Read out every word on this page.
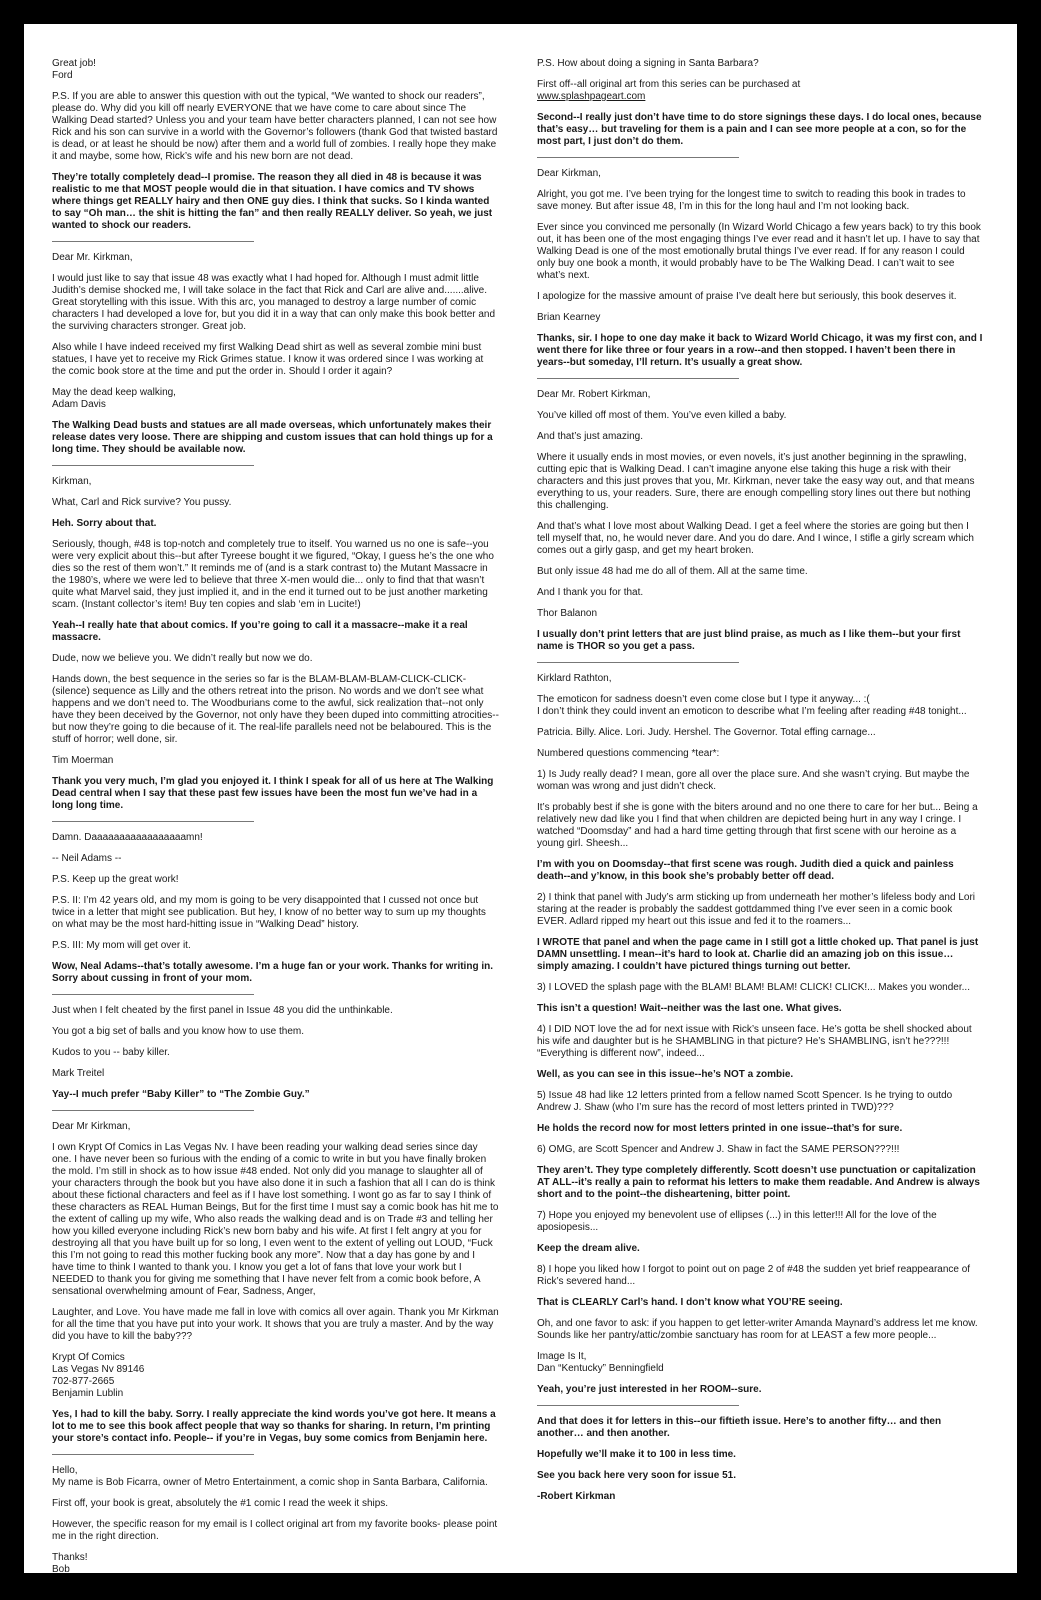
Great job!
Ford

P.S. If you are able to answer this question with out the typical, “We wanted to shock our readers”, please do. Why did you kill off nearly EVERYONE that we have come to care about since The Walking Dead started? Unless you and your team have better characters planned, I can not see how Rick and his son can survive in a world with the Governor’s followers (thank God that twisted bastard is dead, or at least he should be now) after them and a world full of zombies. I really hope they make it and maybe, some how, Rick’s wife and his new born are not dead.

They’re totally completely dead--I promise. The reason they all died in 48 is because it was realistic to me that MOST people would die in that situation. I have comics and TV shows where things get REALLY hairy and then ONE guy dies. I think that sucks. So I kinda wanted to say “Oh man… the shit is hitting the fan” and then really REALLY deliver. So yeah, we just wanted to shock our readers.

Dear Mr. Kirkman,

I would just like to say that issue 48 was exactly what I had hoped for. Although I must admit little Judith’s demise shocked me, I will take solace in the fact that Rick and Carl are alive and.......alive. Great storytelling with this issue. With this arc, you managed to destroy a large number of comic characters I had developed a love for, but you did it in a way that can only make this book better and the surviving characters stronger. Great job.

Also while I have indeed received my first Walking Dead shirt as well as several zombie mini bust statues, I have yet to receive my Rick Grimes statue. I know it was ordered since I was working at the comic book store at the time and put the order in. Should I order it again?

May the dead keep walking,
Adam Davis

The Walking Dead busts and statues are all made overseas, which unfortunately makes their release dates very loose. There are shipping and custom issues that can hold things up for a long time. They should be available now.

Kirkman,

What, Carl and Rick survive? You pussy.

Heh. Sorry about that.

Seriously, though, #48 is top-notch and completely true to itself. You warned us no one is safe--you were very explicit about this--but after Tyreese bought it we figured, “Okay, I guess he’s the one who dies so the rest of them won’t.” It reminds me of (and is a stark contrast to) the Mutant Massacre in the 1980’s, where we were led to believe that three X-men would die... only to find that that wasn’t quite what Marvel said, they just implied it, and in the end it turned out to be just another marketing scam. (Instant collector’s item! Buy ten copies and slab ‘em in Lucite!)

Yeah--I really hate that about comics. If you’re going to call it a massacre--make it a real massacre.

Dude, now we believe you. We didn’t really but now we do.

Hands down, the best sequence in the series so far is the BLAM-BLAM-BLAM-CLICK-CLICK-(silence) sequence as Lilly and the others retreat into the prison. No words and we don’t see what happens and we don’t need to. The Woodburians come to the awful, sick realization that--not only have they been deceived by the Governor, not only have they been duped into committing atrocities--but now they’re going to die because of it. The real-life parallels need not be belaboured. This is the stuff of horror; well done, sir.

Tim Moerman

Thank you very much, I’m glad you enjoyed it. I think I speak for all of us here at The Walking Dead central when I say that these past few issues have been the most fun we’ve had in a long long time.

Damn. Daaaaaaaaaaaaaaaaamn!

-- Neil Adams --

P.S. Keep up the great work!

P.S. II: I’m 42 years old, and my mom is going to be very disappointed that I cussed not once but twice in a letter that might see publication. But hey, I know of no better way to sum up my thoughts on what may be the most hard-hitting issue in “Walking Dead” history.

P.S. III: My mom will get over it.

Wow, Neal Adams--that’s totally awesome. I’m a huge fan or your work. Thanks for writing in. Sorry about cussing in front of your mom.

Just when I felt cheated by the first panel in Issue 48 you did the unthinkable.

You got a big set of balls and you know how to use them.

Kudos to you -- baby killer.

Mark Treitel

Yay--I much prefer “Baby Killer” to “The Zombie Guy.”

Dear Mr Kirkman,

I own Krypt Of Comics in Las Vegas Nv. I have been reading your walking dead series since day one. I have never been so furious with the ending of a comic to write in but you have finally broken the mold. I’m still in shock as to how issue #48 ended. Not only did you manage to slaughter all of your characters through the book but you have also done it in such a fashion that all I can do is think about these fictional characters and feel as if I have lost something. I wont go as far to say I think of these characters as REAL Human Beings, But for the first time I must say a comic book has hit me to the extent of calling up my wife, Who also reads the walking dead and is on Trade #3 and telling her how you killed everyone including Rick’s new born baby and his wife. At first I felt angry at you for destroying all that you have built up for so long, I even went to the extent of yelling out LOUD, “Fuck this I’m not going to read this mother fucking book any more”. Now that a day has gone by and I have time to think I wanted to thank you. I know you get a lot of fans that love your work but I NEEDED to thank you for giving me something that I have never felt from a comic book before, A sensational overwhelming amount of Fear, Sadness, Anger,

Laughter, and Love. You have made me fall in love with comics all over again. Thank you Mr Kirkman for all the time that you have put into your work. It shows that you are truly a master. And by the way did you have to kill the baby???

Krypt Of Comics
Las Vegas Nv 89146
702-877-2665
Benjamin Lublin

Yes, I had to kill the baby. Sorry. I really appreciate the kind words you’ve got here. It means a lot to me to see this book affect people that way so thanks for sharing. In return, I’m printing your store’s contact info. People-- if you’re in Vegas, buy some comics from Benjamin here.

Hello,
My name is Bob Ficarra, owner of Metro Entertainment, a comic shop in Santa Barbara, California.

First off, your book is great, absolutely the #1 comic I read the week it ships.

However, the specific reason for my email is I collect original art from my favorite books- please point me in the right direction.

Thanks!
Bob

P.S. How about doing a signing in Santa Barbara?

First off--all original art from this series can be purchased at
www.splashpageart.com

Second--I really just don’t have time to do store signings these days. I do local ones, because that’s easy… but traveling for them is a pain and I can see more people at a con, so for the most part, I just don’t do them.

Dear Kirkman,

Alright, you got me. I’ve been trying for the longest time to switch to reading this book in trades to save money. But after issue 48, I’m in this for the long haul and I’m not looking back.

Ever since you convinced me personally (In Wizard World Chicago a few years back) to try this book out, it has been one of the most engaging things I’ve ever read and it hasn’t let up. I have to say that Walking Dead is one of the most emotionally brutal things I’ve ever read. If for any reason I could only buy one book a month, it would probably have to be The Walking Dead. I can’t wait to see what’s next.

I apologize for the massive amount of praise I’ve dealt here but seriously, this book deserves it.

Brian Kearney

Thanks, sir. I hope to one day make it back to Wizard World Chicago, it was my first con, and I went there for like three or four years in a row--and then stopped. I haven’t been there in years--but someday, I’ll return. It’s usually a great show.

Dear Mr. Robert Kirkman,

You’ve killed off most of them. You’ve even killed a baby.

And that’s just amazing.

Where it usually ends in most movies, or even novels, it’s just another beginning in the sprawling, cutting epic that is Walking Dead. I can’t imagine anyone else taking this huge a risk with their characters and this just proves that you, Mr. Kirkman, never take the easy way out, and that means everything to us, your readers. Sure, there are enough compelling story lines out there but nothing this challenging.

And that’s what I love most about Walking Dead. I get a feel where the stories are going but then I tell myself that, no, he would never dare. And you do dare. And I wince, I stifle a girly scream which comes out a girly gasp, and get my heart broken.

But only issue 48 had me do all of them. All at the same time.

And I thank you for that.

Thor Balanon

I usually don’t print letters that are just blind praise, as much as I like them--but your first name is THOR so you get a pass.

Kirklard Rathton,

The emoticon for sadness doesn’t even come close but I type it anyway... :(
I don’t think they could invent an emoticon to describe what I’m feeling after reading #48 tonight...

Patricia. Billy. Alice. Lori. Judy. Hershel. The Governor. Total effing carnage...

Numbered questions commencing *tear*:

1) Is Judy really dead? I mean, gore all over the place sure. And she wasn’t crying. But maybe the woman was wrong and just didn’t check.

It’s probably best if she is gone with the biters around and no one there to care for her but... Being a relatively new dad like you I find that when children are depicted being hurt in any way I cringe. I watched “Doomsday” and had a hard time getting through that first scene with our heroine as a young girl. Sheesh...

I’m with you on Doomsday--that first scene was rough. Judith died a quick and painless death--and y’know, in this book she’s probably better off dead.

2) I think that panel with Judy’s arm sticking up from underneath her mother’s lifeless body and Lori staring at the reader is probably the saddest gottdammed thing I’ve ever seen in a comic book EVER. Adlard ripped my heart out this issue and fed it to the roamers...

I WROTE that panel and when the page came in I still got a little choked up. That panel is just DAMN unsettling. I mean--it’s hard to look at. Charlie did an amazing job on this issue… simply amazing. I couldn’t have pictured things turning out better.

3) I LOVED the splash page with the BLAM! BLAM! BLAM! CLICK! CLICK!... Makes you wonder...

This isn’t a question! Wait--neither was the last one. What gives.

4) I DID NOT love the ad for next issue with Rick’s unseen face. He’s gotta be shell shocked about his wife and daughter but is he SHAMBLING in that picture? He’s SHAMBLING, isn’t he???!!! “Everything is different now”, indeed...

Well, as you can see in this issue--he’s NOT a zombie.

5) Issue 48 had like 12 letters printed from a fellow named Scott Spencer. Is he trying to outdo Andrew J. Shaw (who I’m sure has the record of most letters printed in TWD)???

He holds the record now for most letters printed in one issue--that’s for sure.

6) OMG, are Scott Spencer and Andrew J. Shaw in fact the SAME PERSON???!!!

They aren’t. They type completely differently. Scott doesn’t use punctuation or capitalization AT ALL--it’s really a pain to reformat his letters to make them readable. And Andrew is always short and to the point--the disheartening, bitter point.

7) Hope you enjoyed my benevolent use of ellipses (...) in this letter!!! All for the love of the aposiopesis...

Keep the dream alive.

8) I hope you liked how I forgot to point out on page 2 of #48 the sudden yet brief reappearance of Rick’s severed hand...

That is CLEARLY Carl’s hand. I don’t know what YOU’RE seeing.

Oh, and one favor to ask: if you happen to get letter-writer Amanda Maynard’s address let me know. Sounds like her pantry/attic/zombie sanctuary has room for at LEAST a few more people...

Image Is It,
Dan “Kentucky” Benningfield

Yeah, you’re just interested in her ROOM--sure.

And that does it for letters in this--our fiftieth issue. Here’s to another fifty… and then another… and then another.

Hopefully we’ll make it to 100 in less time.

See you back here very soon for issue 51.

-Robert Kirkman
